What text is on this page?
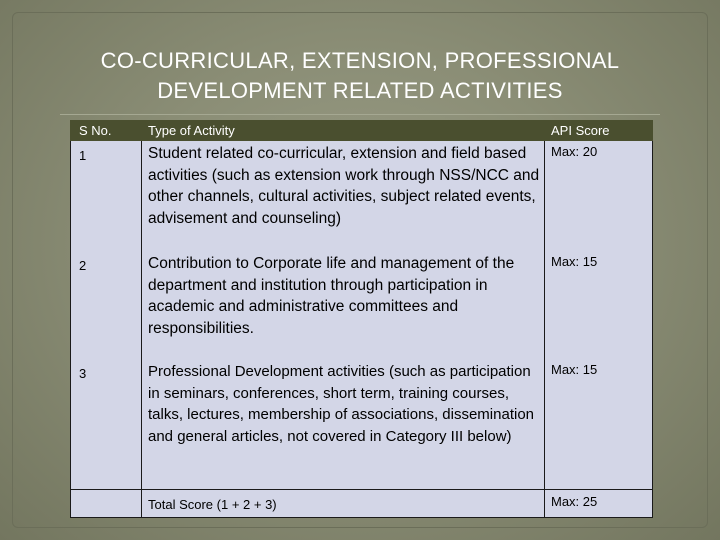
CO-CURRICULAR, EXTENSION, PROFESSIONAL
DEVELOPMENT RELATED ACTIVITIES
S No.	Type of Activity	API Score
1	Student related co-curricular, extension and field based activities (such as extension work through NSS/NCC and other channels, cultural activities, subject related events, advisement and counseling)	Max: 20
2	Contribution to Corporate life and management of the department and institution through participation in academic and administrative committees and responsibilities.	Max: 15
3	Professional Development activities (such as participation in seminars, conferences, short term, training courses, talks, lectures, membership of associations, dissemination and general articles, not covered in Category III below)	Max: 15
	Total Score (1 + 2 + 3)	Max: 25
